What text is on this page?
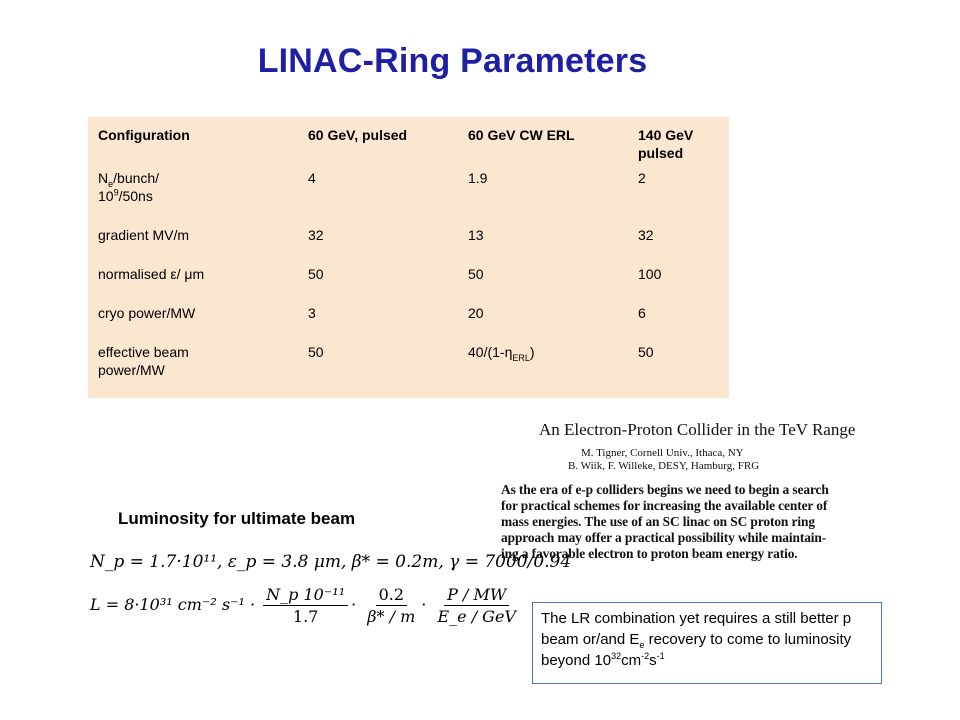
LINAC-Ring Parameters
Configuration	60 GeV, pulsed	60 GeV CW ERL	140 GeV pulsed
$N_e/bunch/$
$10^9/50ns$	4	1.9	2
gradient MV/m	32	13	32
normalised ε/ μm	50	50	100
cryo power/MW	3	20	6
effective beam power/MW	50	$40/(1-\eta_{ERL})$	50
Luminosity for ultimate beam
N_p = 1.7·10¹¹, ε_p = 3.8 μm, β* = 0.2m, γ = 7000/0.94
L = 8·10³¹ cm⁻² $s^{-1} \cdot \frac{\text{N\_p 10⁻¹¹}}{1.7} \cdot \frac{0.2}{\beta* / m} \cdot \frac{P / MW}{\text{E\_e / GeV}}$
An Electron-Proton Collider in the TeV Range
M. Tigner, Cornell Univ., Ithaca, NY
B. Wiik, F. Willeke, DESY, Hamburg, FRG
As the era of e-p colliders begins we need to begin a search
for practical schemes for increasing the available center of
mass energies. The use of an SC linac on SC proton ring
approach may offer a practical possibility while maintain-
ing a favorable electron to proton beam energy ratio.
The LR combination yet requires a still better p beam or/and $E_e$ recovery to come to luminosity beyond $10^{32}cm^{-2}s^{-1}$
